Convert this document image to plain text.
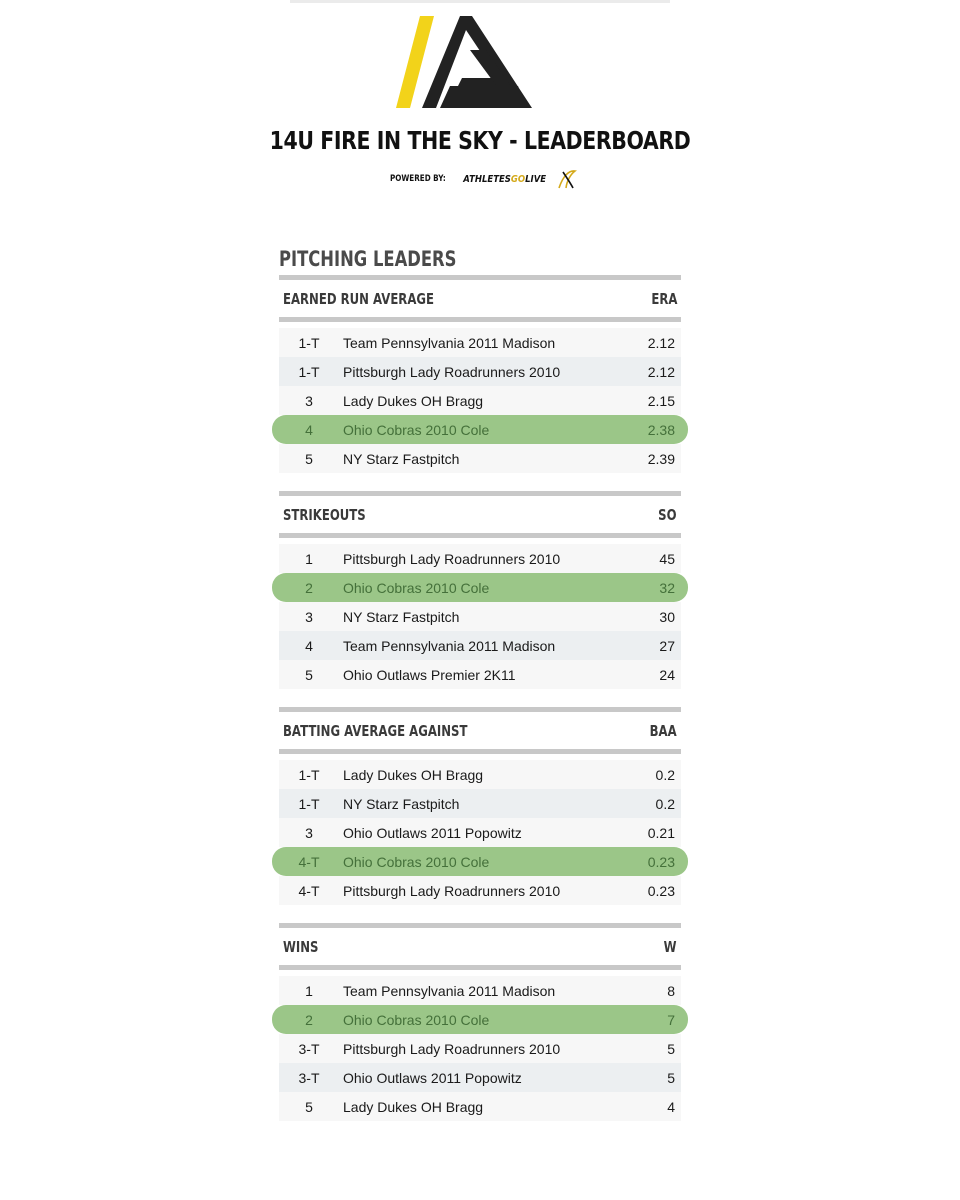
14U FIRE IN THE SKY - LEADERBOARD
POWERED BY: ATHLETESGOLIVE
PITCHING LEADERS
EARNED RUN AVERAGE	ERA
1-T	Team Pennsylvania 2011 Madison	2.12
1-T	Pittsburgh Lady Roadrunners 2010	2.12
3	Lady Dukes OH Bragg	2.15
4	Ohio Cobras 2010 Cole	2.38
5	NY Starz Fastpitch	2.39
STRIKEOUTS	SO
1	Pittsburgh Lady Roadrunners 2010	45
2	Ohio Cobras 2010 Cole	32
3	NY Starz Fastpitch	30
4	Team Pennsylvania 2011 Madison	27
5	Ohio Outlaws Premier 2K11	24
BATTING AVERAGE AGAINST	BAA
1-T	Lady Dukes OH Bragg	0.2
1-T	NY Starz Fastpitch	0.2
3	Ohio Outlaws 2011 Popowitz	0.21
4-T	Ohio Cobras 2010 Cole	0.23
4-T	Pittsburgh Lady Roadrunners 2010	0.23
WINS	W
1	Team Pennsylvania 2011 Madison	8
2	Ohio Cobras 2010 Cole	7
3-T	Pittsburgh Lady Roadrunners 2010	5
3-T	Ohio Outlaws 2011 Popowitz	5
5	Lady Dukes OH Bragg	4
